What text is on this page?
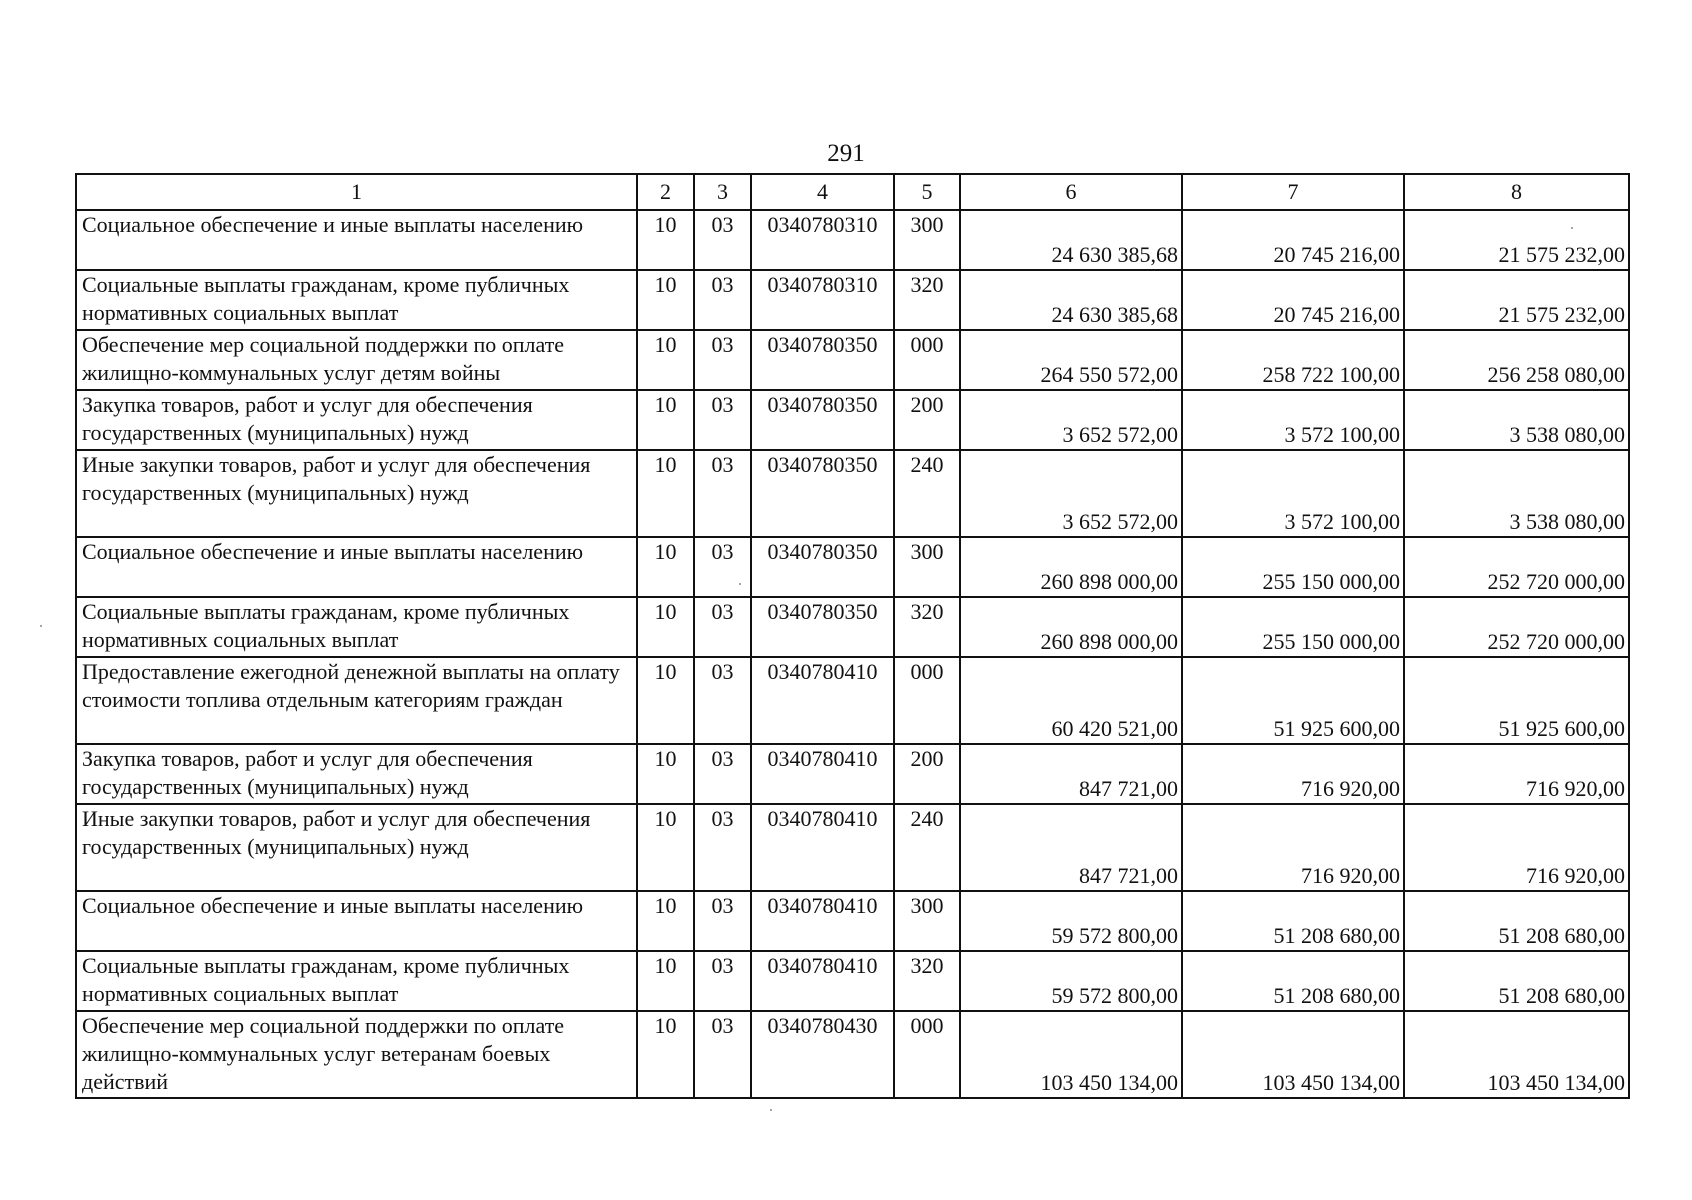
291
1	2	3	4	5	6	7	8
Социальное обеспечение и иные выплаты населению	10	03	0340780310	300	24 630 385,68	20 745 216,00	21 575 232,00
Социальные выплаты гражданам, кроме публичных нормативных социальных выплат	10	03	0340780310	320	24 630 385,68	20 745 216,00	21 575 232,00
Обеспечение мер социальной поддержки по оплате жилищно-коммунальных услуг детям войны	10	03	0340780350	000	264 550 572,00	258 722 100,00	256 258 080,00
Закупка товаров, работ и услуг для обеспечения государственных (муниципальных) нужд	10	03	0340780350	200	3 652 572,00	3 572 100,00	3 538 080,00
Иные закупки товаров, работ и услуг для обеспечения государственных (муниципальных) нужд	10	03	0340780350	240	3 652 572,00	3 572 100,00	3 538 080,00
Социальное обеспечение и иные выплаты населению	10	03	0340780350	300	260 898 000,00	255 150 000,00	252 720 000,00
Социальные выплаты гражданам, кроме публичных нормативных социальных выплат	10	03	0340780350	320	260 898 000,00	255 150 000,00	252 720 000,00
Предоставление ежегодной денежной выплаты на оплату стоимости топлива отдельным категориям граждан	10	03	0340780410	000	60 420 521,00	51 925 600,00	51 925 600,00
Закупка товаров, работ и услуг для обеспечения государственных (муниципальных) нужд	10	03	0340780410	200	847 721,00	716 920,00	716 920,00
Иные закупки товаров, работ и услуг для обеспечения государственных (муниципальных) нужд	10	03	0340780410	240	847 721,00	716 920,00	716 920,00
Социальное обеспечение и иные выплаты населению	10	03	0340780410	300	59 572 800,00	51 208 680,00	51 208 680,00
Социальные выплаты гражданам, кроме публичных нормативных социальных выплат	10	03	0340780410	320	59 572 800,00	51 208 680,00	51 208 680,00
Обеспечение мер социальной поддержки по оплате жилищно-коммунальных услуг ветеранам боевых действий	10	03	0340780430	000	103 450 134,00	103 450 134,00	103 450 134,00
